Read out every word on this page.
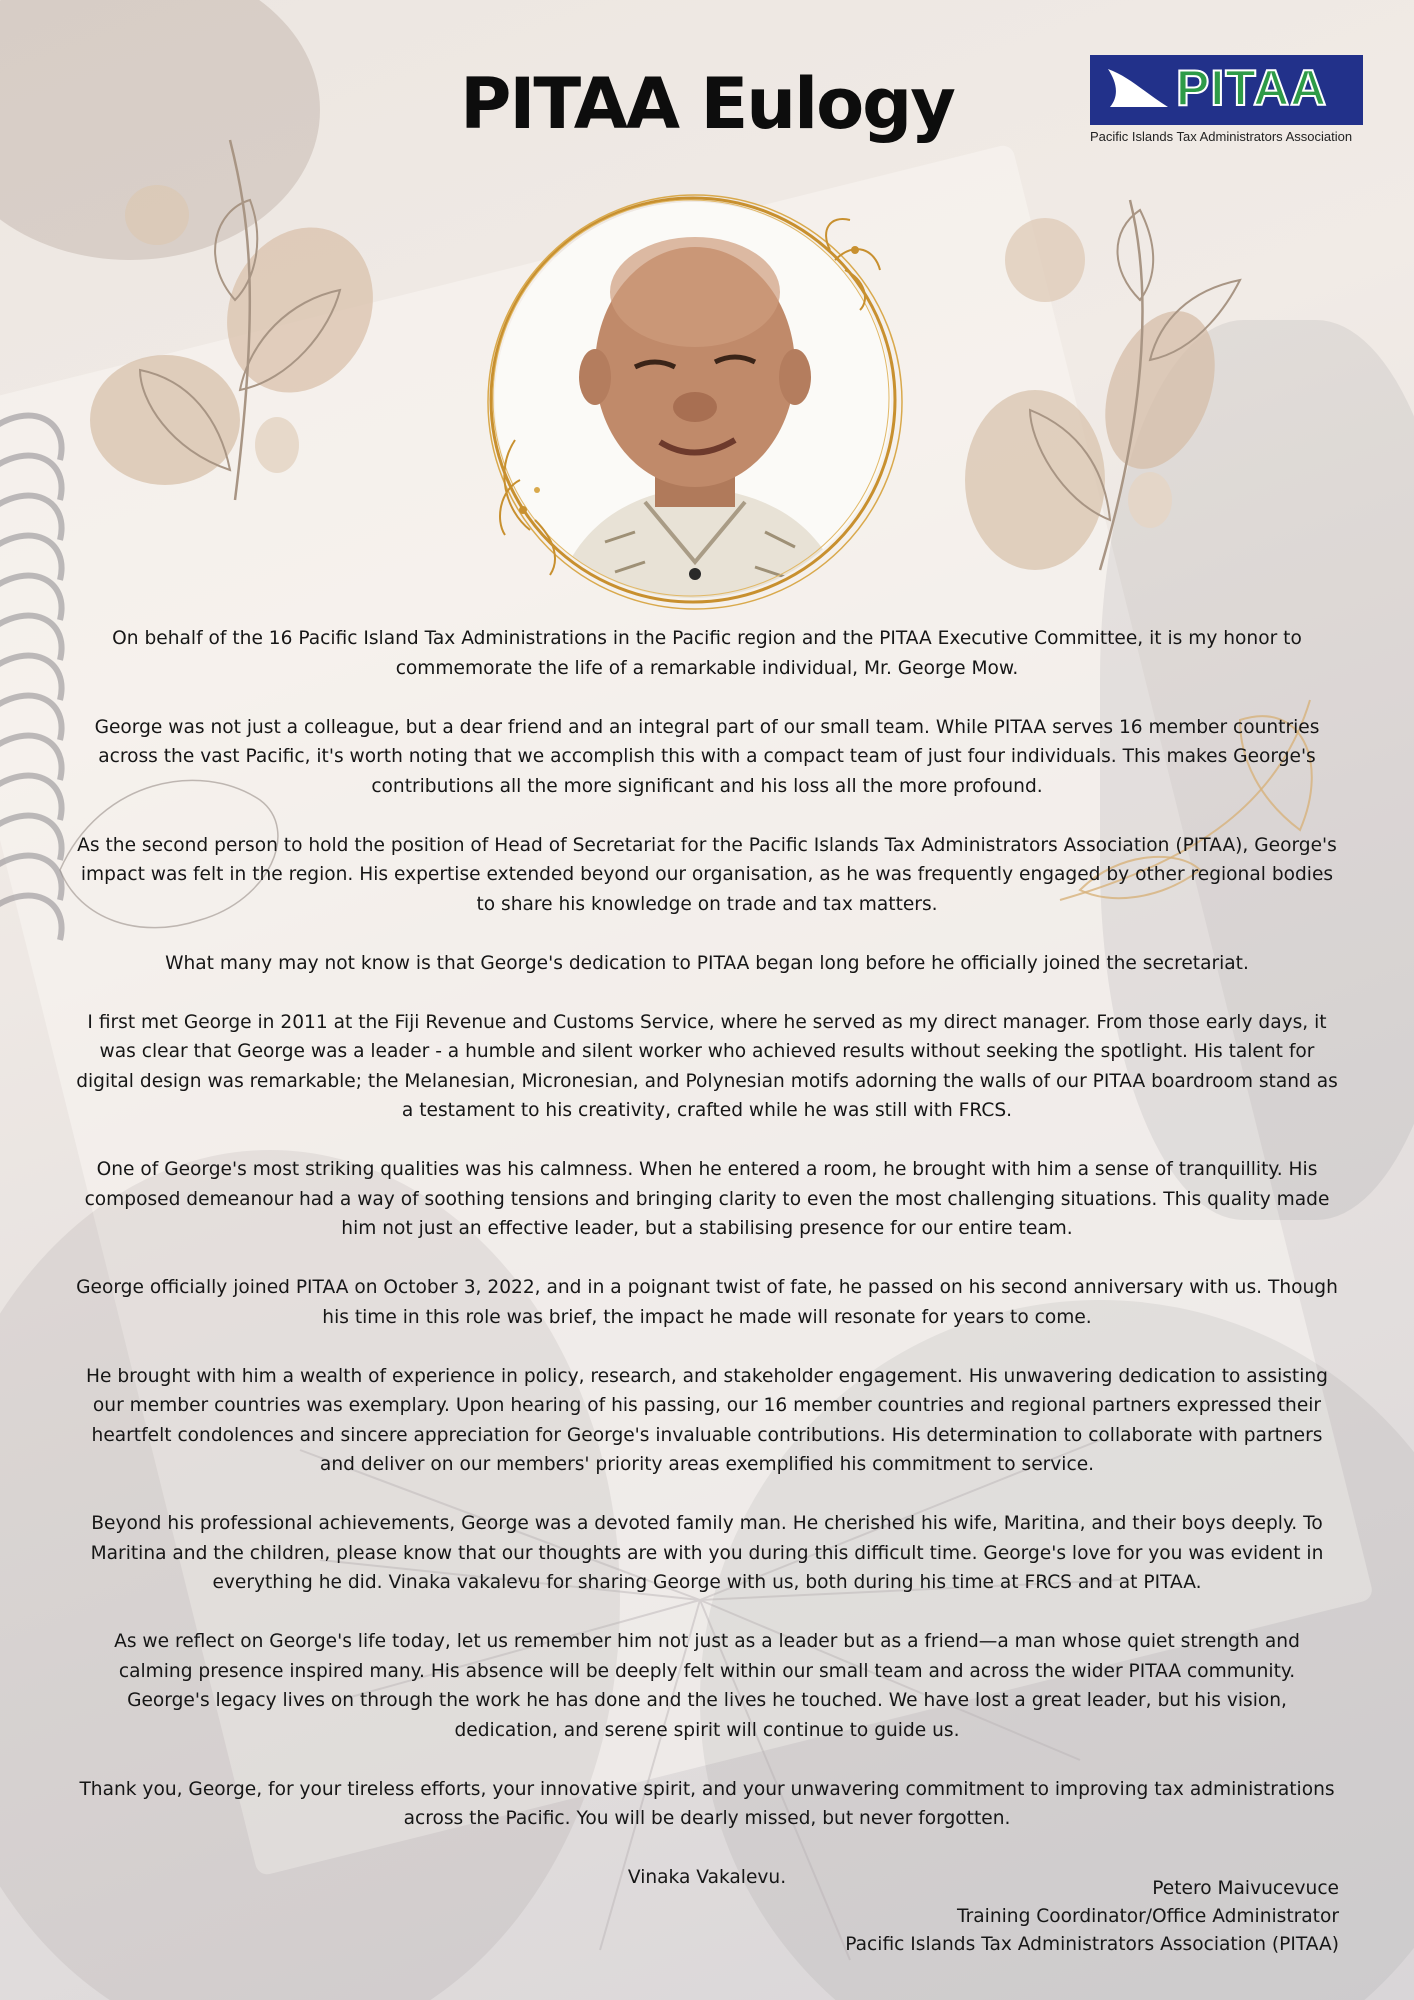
PITAA Eulogy	PITAA
Pacific Islands Tax Administrators Association

On behalf of the 16 Pacific Island Tax Administrations in the Pacific region and the PITAA Executive Committee, it is my honor to commemorate the life of a remarkable individual, Mr. George Mow.

George was not just a colleague, but a dear friend and an integral part of our small team. While PITAA serves 16 member countries across the vast Pacific, it's worth noting that we accomplish this with a compact team of just four individuals. This makes George's contributions all the more significant and his loss all the more profound.

As the second person to hold the position of Head of Secretariat for the Pacific Islands Tax Administrators Association (PITAA), George's impact was felt in the region. His expertise extended beyond our organisation, as he was frequently engaged by other regional bodies to share his knowledge on trade and tax matters.

What many may not know is that George's dedication to PITAA began long before he officially joined the secretariat.

I first met George in 2011 at the Fiji Revenue and Customs Service, where he served as my direct manager. From those early days, it was clear that George was a leader - a humble and silent worker who achieved results without seeking the spotlight. His talent for digital design was remarkable; the Melanesian, Micronesian, and Polynesian motifs adorning the walls of our PITAA boardroom stand as a testament to his creativity, crafted while he was still with FRCS.

One of George's most striking qualities was his calmness. When he entered a room, he brought with him a sense of tranquillity. His composed demeanour had a way of soothing tensions and bringing clarity to even the most challenging situations. This quality made him not just an effective leader, but a stabilising presence for our entire team.

George officially joined PITAA on October 3, 2022, and in a poignant twist of fate, he passed on his second anniversary with us. Though his time in this role was brief, the impact he made will resonate for years to come.

He brought with him a wealth of experience in policy, research, and stakeholder engagement. His unwavering dedication to assisting our member countries was exemplary. Upon hearing of his passing, our 16 member countries and regional partners expressed their heartfelt condolences and sincere appreciation for George's invaluable contributions. His determination to collaborate with partners and deliver on our members' priority areas exemplified his commitment to service.

Beyond his professional achievements, George was a devoted family man. He cherished his wife, Maritina, and their boys deeply. To Maritina and the children, please know that our thoughts are with you during this difficult time. George's love for you was evident in everything he did. Vinaka vakalevu for sharing George with us, both during his time at FRCS and at PITAA.

As we reflect on George's life today, let us remember him not just as a leader but as a friend—a man whose quiet strength and calming presence inspired many. His absence will be deeply felt within our small team and across the wider PITAA community. George's legacy lives on through the work he has done and the lives he touched. We have lost a great leader, but his vision, dedication, and serene spirit will continue to guide us.

Thank you, George, for your tireless efforts, your innovative spirit, and your unwavering commitment to improving tax administrations across the Pacific. You will be dearly missed, but never forgotten.

Vinaka Vakalevu.

Petero Maivucevuce
Training Coordinator/Office Administrator
Pacific Islands Tax Administrators Association (PITAA)
